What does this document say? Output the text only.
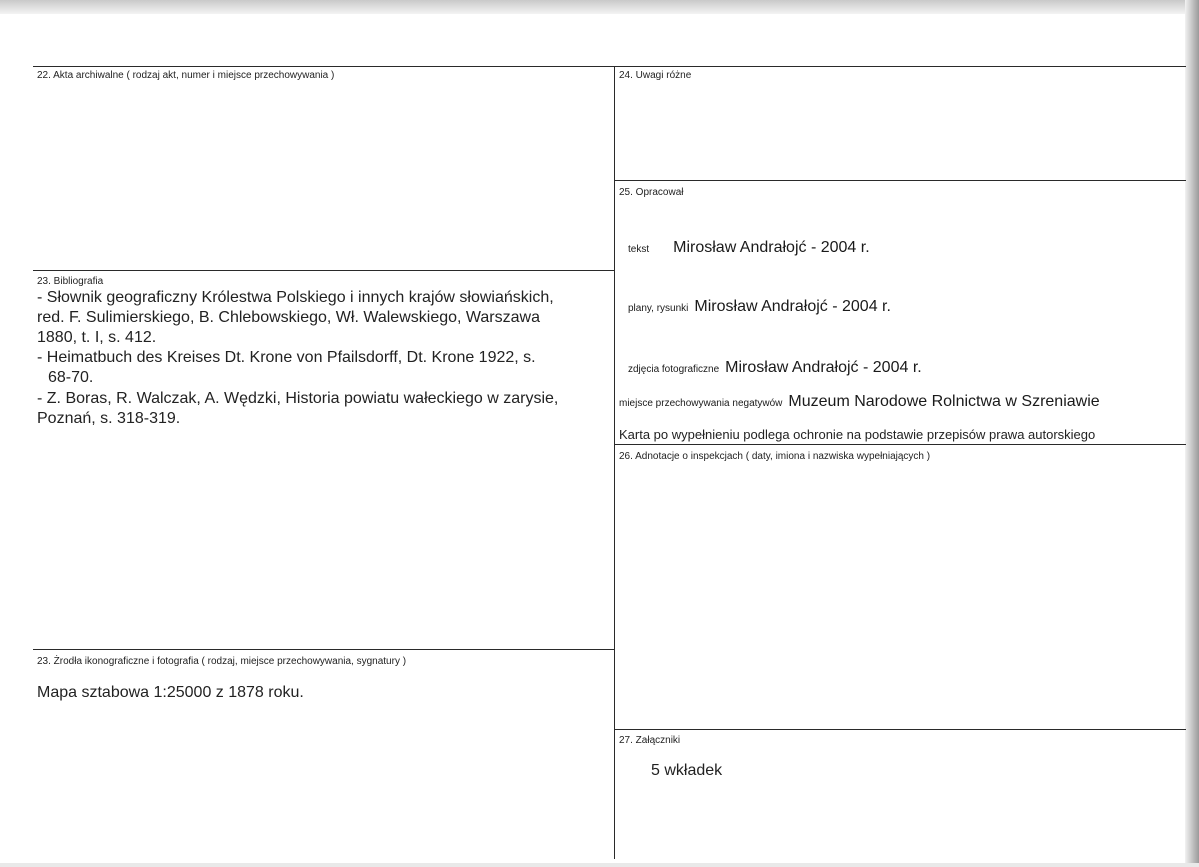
22. Akta archiwalne ( rodzaj akt, numer i miejsce przechowywania )
23. Bibliografia
- Słownik geograficzny Królestwa Polskiego i innych krajów słowiańskich,
red. F. Sulimierskiego, B. Chlebowskiego, Wł. Walewskiego, Warszawa
1880, t. I, s. 412.
- Heimatbuch des Kreises Dt. Krone von Pfailsdorff, Dt. Krone 1922, s.
68-70.
- Z. Boras, R. Walczak, A. Wędzki, Historia powiatu wałeckiego w zarysie,
Poznań, s. 318-319.
23. Żrodła ikonograficzne i fotografia ( rodzaj, miejsce przechowywania, sygnatury )
Mapa sztabowa 1:25000 z 1878 roku.
24. Uwagi różne
25. Opracował
tekst Mirosław Andrałojć - 2004 r.
plany, rysunki Mirosław Andrałojć - 2004 r.
zdjęcia fotograficzne Mirosław Andrałojć - 2004 r.
miejsce przechowywania negatywów Muzeum Narodowe Rolnictwa w Szreniawie
Karta po wypełnieniu podlega ochronie na podstawie przepisów prawa autorskiego
26. Adnotacje o inspekcjach ( daty, imiona i nazwiska wypełniających )
27. Załączniki
5 wkładek
